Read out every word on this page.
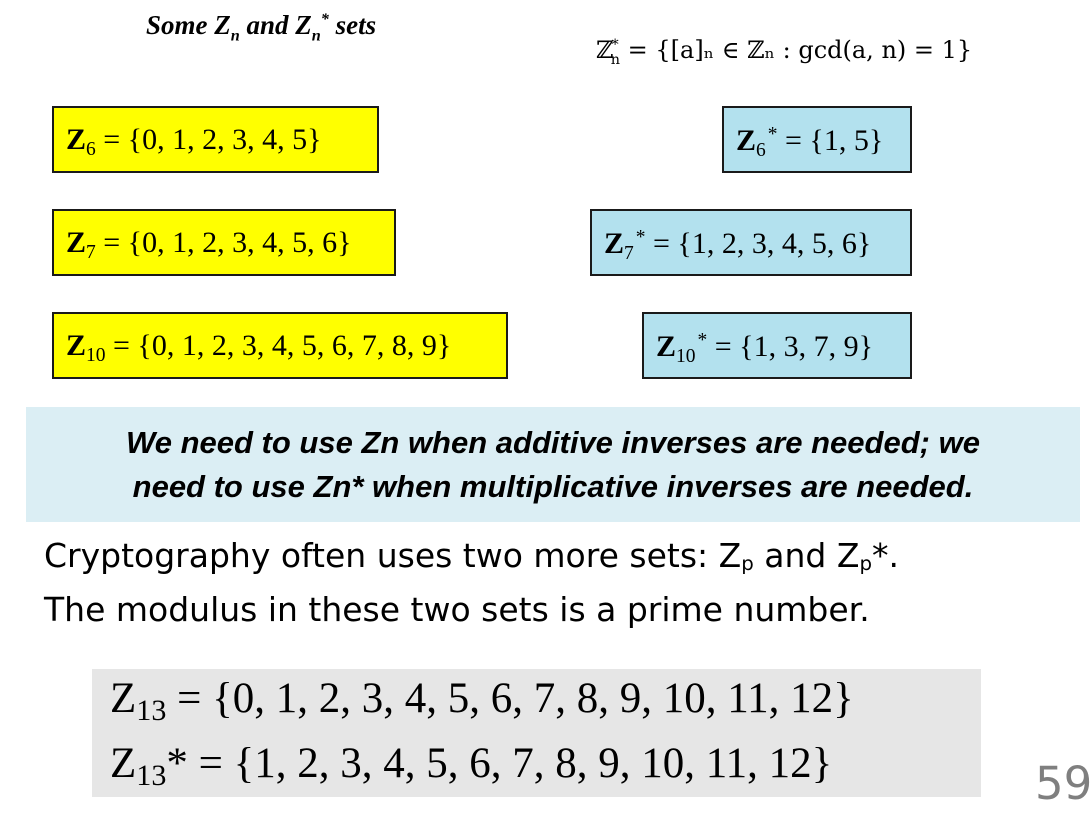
Some $Z_n$ and $Z_n^*$ sets
ℤ*$_n$ = {[a]ₙ ∈ ℤₙ : gcd(a, n) = 1}
$Z_6 = \{0$, 1, 2, 3, 4, 5}	$Z_6^* = \{1$, 5}
$Z_7 = \{0$, 1, 2, 3, 4, 5, 6}	$Z_7^* = \{1$, 2, 3, 4, 5, 6}
$Z_{10} = \{0$, 1, 2, 3, 4, 5, 6, 7, 8, 9}	$Z_{10}^* = \{1$, 3, 7, 9}
We need to use Zn when additive inverses are needed; we
need to use Zn* when multiplicative inverses are needed.
Cryptography often uses two more sets: $Z_p$ and $Z_p*$.
The modulus in these two sets is a prime number.
$Z_{13} = \{0$, 1, 2, 3, 4, 5, 6, 7, 8, 9, 10, 11, 12}
$Z_{13}* = \{1$, 2, 3, 4, 5, 6, 7, 8, 9, 10, 11, 12}	59
